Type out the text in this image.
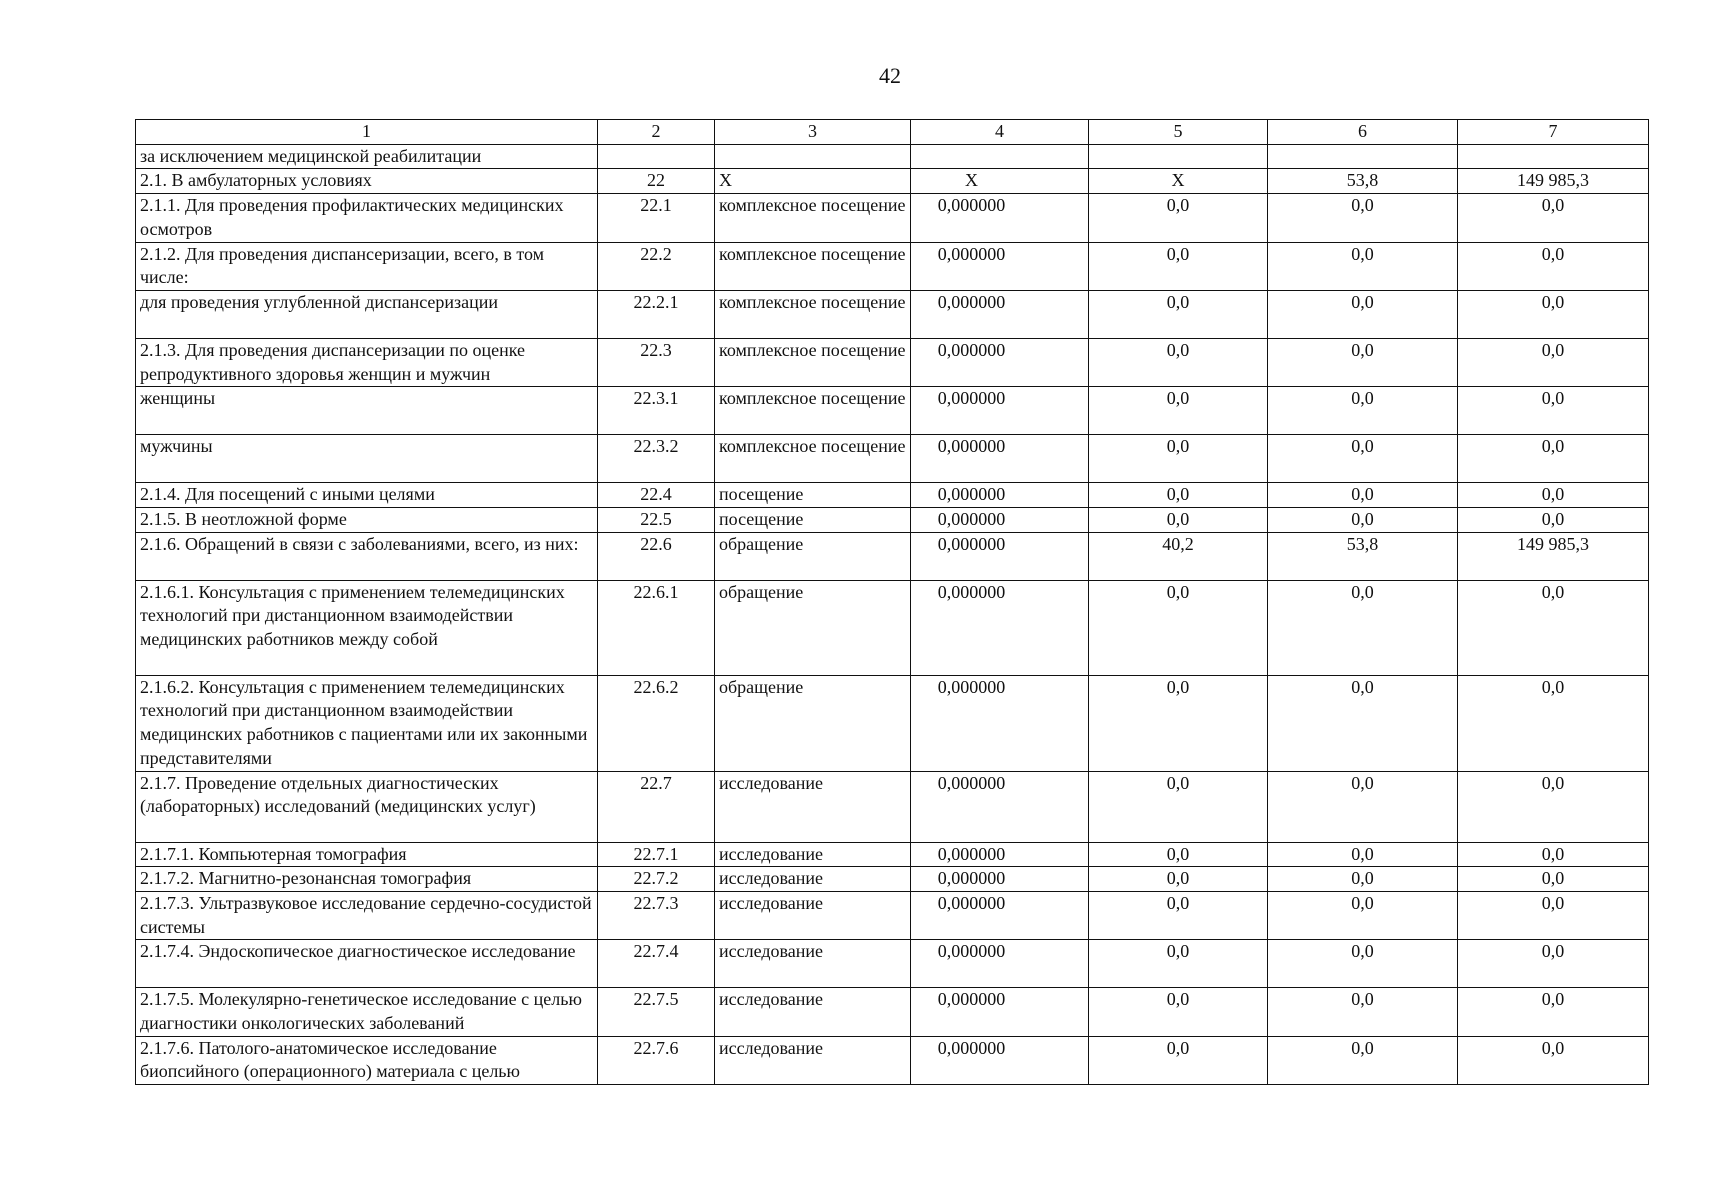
42
1	2	3	4	5	6	7
за исключением медицинской реабилитации						
2.1. В амбулаторных условиях	22	X	X	X	53,8	149 985,3
2.1.1. Для проведения профилактических медицинских осмотров	22.1	комплексное посещение	0,000000	0,0	0,0	0,0
2.1.2. Для проведения диспансеризации, всего, в том числе:	22.2	комплексное посещение	0,000000	0,0	0,0	0,0
для проведения углубленной диспансеризации	22.2.1	комплексное посещение	0,000000	0,0	0,0	0,0
2.1.3. Для проведения диспансеризации по оценке репродуктивного здоровья женщин и мужчин	22.3	комплексное посещение	0,000000	0,0	0,0	0,0
женщины	22.3.1	комплексное посещение	0,000000	0,0	0,0	0,0
мужчины	22.3.2	комплексное посещение	0,000000	0,0	0,0	0,0
2.1.4. Для посещений с иными целями	22.4	посещение	0,000000	0,0	0,0	0,0
2.1.5. В неотложной форме	22.5	посещение	0,000000	0,0	0,0	0,0
2.1.6. Обращений в связи с заболеваниями, всего, из них:	22.6	обращение	0,000000	40,2	53,8	149 985,3
2.1.6.1. Консультация с применением телемедицинских технологий при дистанционном взаимодействии медицинских работников между собой	22.6.1	обращение	0,000000	0,0	0,0	0,0
2.1.6.2. Консультация с применением телемедицинских технологий при дистанционном взаимодействии медицинских работников с пациентами или их законными представителями	22.6.2	обращение	0,000000	0,0	0,0	0,0
2.1.7. Проведение отдельных диагностических (лабораторных) исследований (медицинских услуг)	22.7	исследование	0,000000	0,0	0,0	0,0
2.1.7.1. Компьютерная томография	22.7.1	исследование	0,000000	0,0	0,0	0,0
2.1.7.2. Магнитно-резонансная томография	22.7.2	исследование	0,000000	0,0	0,0	0,0
2.1.7.3. Ультразвуковое исследование сердечно-сосудистой системы	22.7.3	исследование	0,000000	0,0	0,0	0,0
2.1.7.4. Эндоскопическое диагностическое исследование	22.7.4	исследование	0,000000	0,0	0,0	0,0
2.1.7.5. Молекулярно-генетическое исследование с целью диагностики онкологических заболеваний	22.7.5	исследование	0,000000	0,0	0,0	0,0
2.1.7.6. Патолого-анатомическое исследование биопсийного (операционного) материала с целью	22.7.6	исследование	0,000000	0,0	0,0	0,0
